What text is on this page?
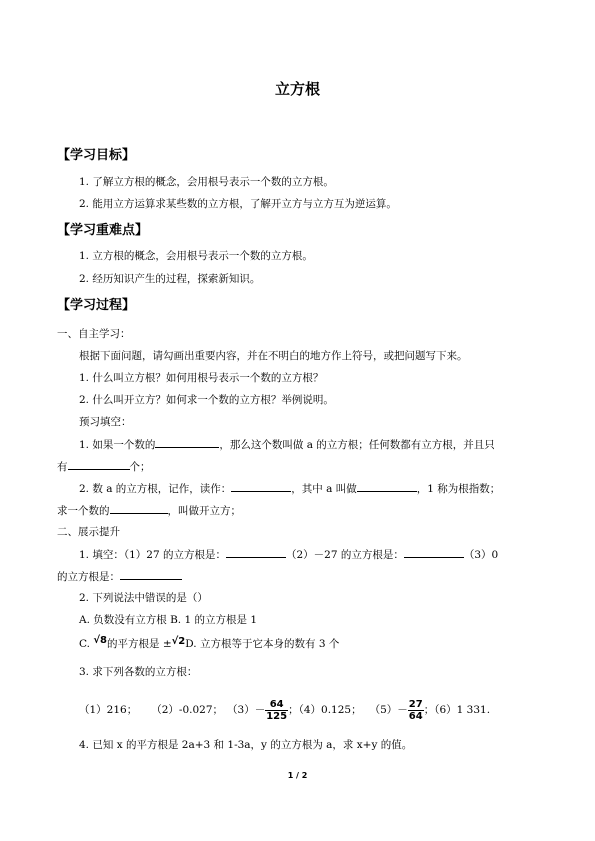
立方根
【学习目标】
1. 了解立方根的概念，会用根号表示一个数的立方根。
2. 能用立方运算求某些数的立方根，了解开立方与立方互为逆运算。
【学习重难点】
1. 立方根的概念，会用根号表示一个数的立方根。
2. 经历知识产生的过程，探索新知识。
【学习过程】
一、自主学习：
根据下面问题，请勾画出重要内容，并在不明白的地方作上符号，或把问题写下来。
1. 什么叫立方根？如何用根号表示一个数的立方根？
2. 什么叫开立方？如何求一个数的立方根？举例说明。
预习填空：
1. 如果一个数的	，那么这个数叫做 a 的立方根；任何数都有立方根，并且只
有	个；
2. 数 a 的立方根，记作，读作：	，其中 a 叫做	，1 称为根指数；
求一个数的	，叫做开立方；
二、展示提升
1. 填空：（1）27 的立方根是：	（2）－27 的立方根是：	（3）0
的立方根是：
2. 下列说法中错误的是（）
A. 负数没有立方根 B. 1 的立方根是 1
C. √8的平方根是 ±√2D. 立方根等于它本身的数有 3 个
3. 求下列各数的立方根：
（1）216； （2）-0.027； $(3)- \frac{64}{125}$ ；（4）0.125； $(5)- \frac{27}{64}$ ；（6）1 331.
4. 已知 x 的平方根是 2a+3 和 1-3a，y 的立方根为 a，求 x+y 的值。
1 / 2
